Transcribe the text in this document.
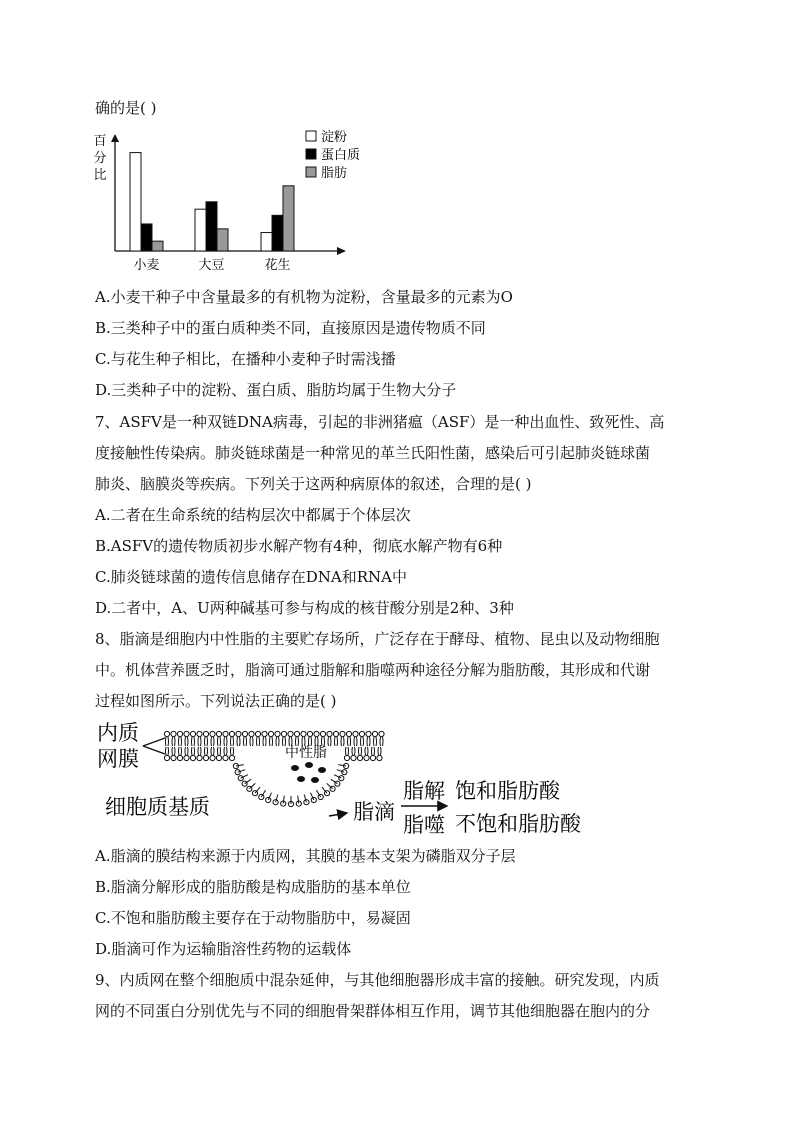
确的是( )
百
分
比
小麦	大豆	花生
淀粉
蛋白质
脂肪
A.小麦干种子中含量最多的有机物为淀粉，含量最多的元素为O
B.三类种子中的蛋白质种类不同，直接原因是遗传物质不同
C.与花生种子相比，在播种小麦种子时需浅播
D.三类种子中的淀粉、蛋白质、脂肪均属于生物大分子
7、ASFV是一种双链DNA病毒，引起的非洲猪瘟（ASF）是一种出血性、致死性、高
度接触性传染病。肺炎链球菌是一种常见的革兰氏阳性菌，感染后可引起肺炎链球菌
肺炎、脑膜炎等疾病。下列关于这两种病原体的叙述，合理的是( )
A.二者在生命系统的结构层次中都属于个体层次
B.ASFV的遗传物质初步水解产物有4种，彻底水解产物有6种
C.肺炎链球菌的遗传信息储存在DNA和RNA中
D.二者中，A、U两种碱基可参与构成的核苷酸分别是2种、3种
8、脂滴是细胞内中性脂的主要贮存场所，广泛存在于酵母、植物、昆虫以及动物细胞
中。机体营养匮乏时，脂滴可通过脂解和脂噬两种途径分解为脂肪酸，其形成和代谢
过程如图所示。下列说法正确的是( )
内质
网膜	中性脂
细胞质基质	脂滴
脂解
脂噬
饱和脂肪酸
不饱和脂肪酸
A.脂滴的膜结构来源于内质网，其膜的基本支架为磷脂双分子层
B.脂滴分解形成的脂肪酸是构成脂肪的基本单位
C.不饱和脂肪酸主要存在于动物脂肪中，易凝固
D.脂滴可作为运输脂溶性药物的运载体
9、内质网在整个细胞质中混杂延伸，与其他细胞器形成丰富的接触。研究发现，内质
网的不同蛋白分别优先与不同的细胞骨架群体相互作用，调节其他细胞器在胞内的分
